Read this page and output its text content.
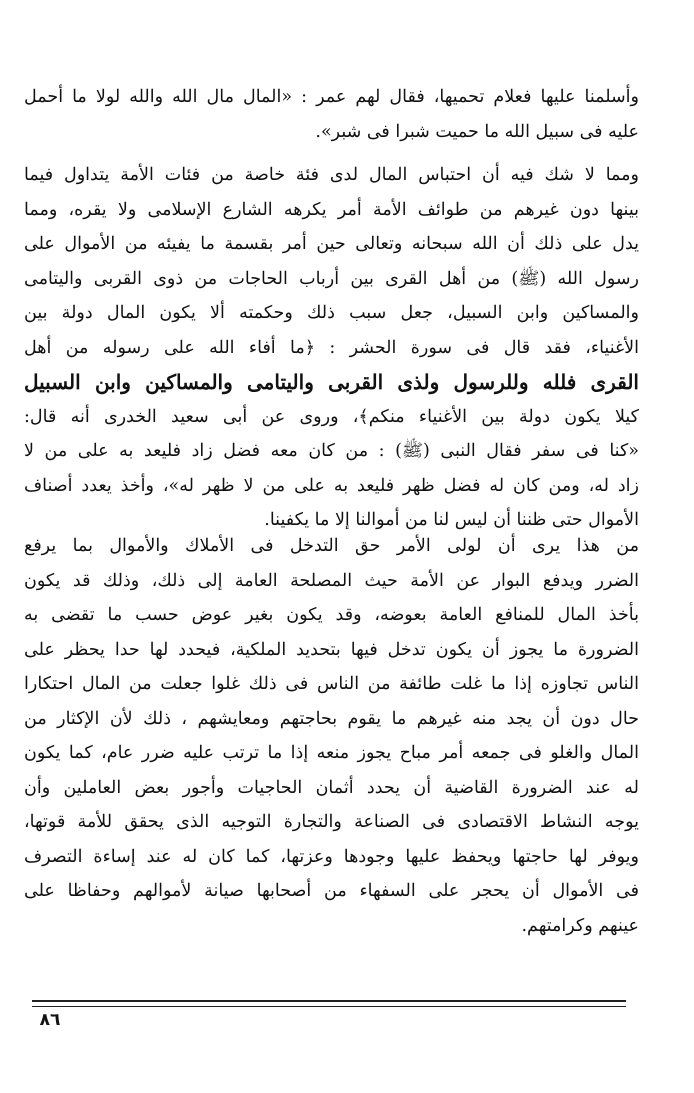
وأسلمنا عليها فعلام تحميها، فقال لهم عمر : «المال مال الله والله لولا ما أحمل
عليه فى سبيل الله ما حميت شبرا فى شبر».
ومما لا شك فيه أن احتباس المال لدى فئة خاصة من فئات الأمة يتداول فيما
بينها دون غيرهم من طوائف الأمة أمر يكرهه الشارع الإسلامى ولا يقره، ومما
يدل على ذلك أن الله سبحانه وتعالى حين أمر بقسمة ما يفيئه من الأموال على
رسول الله (ﷺ) من أهل القرى بين أرباب الحاجات من ذوى القربى واليتامى
والمساكين وابن السبيل، جعل سبب ذلك وحكمته ألا يكون المال دولة بين
الأغنياء، فقد قال فى سورة الحشر : ﴿ما أفاء الله على رسوله من أهل
القرى فلله وللرسول ولذى القربى واليتامى والمساكين وابن السبيل
كيلا يكون دولة بين الأغنياء منكم﴾، وروى عن أبى سعيد الخدرى أنه قال:
«كنا فى سفر فقال النبى (ﷺ) : من كان معه فضل زاد فليعد به على من لا
زاد له، ومن كان له فضل ظهر فليعد به على من لا ظهر له»، وأخذ يعدد أصناف
الأموال حتى ظننا أن ليس لنا من أموالنا إلا ما يكفينا.
من هذا يرى أن لولى الأمر حق التدخل فى الأملاك والأموال بما يرفع
الضرر ويدفع البوار عن الأمة حيث المصلحة العامة إلى ذلك، وذلك قد يكون
بأخذ المال للمنافع العامة بعوضه، وقد يكون بغير عوض حسب ما تقضى به
الضرورة ما يجوز أن يكون تدخل فيها بتحديد الملكية، فيحدد لها حدا يحظر على
الناس تجاوزه إذا ما غلت طائفة من الناس فى ذلك غلوا جعلت من المال احتكارا
حال دون أن يجد منه غيرهم ما يقوم بحاجتهم ومعايشهم ، ذلك لأن الإكثار من
المال والغلو فى جمعه أمر مباح يجوز منعه إذا ما ترتب عليه ضرر عام، كما يكون
له عند الضرورة القاضية أن يحدد أثمان الحاجيات وأجور بعض العاملين وأن
يوجه النشاط الاقتصادى فى الصناعة والتجارة التوجيه الذى يحقق للأمة قوتها،
ويوفر لها حاجتها ويحفظ عليها وجودها وعزتها، كما كان له عند إساءة التصرف
فى الأموال أن يحجر على السفهاء من أصحابها صيانة لأموالهم وحفاظا على
عينهم وكرامتهم.
٨٦
